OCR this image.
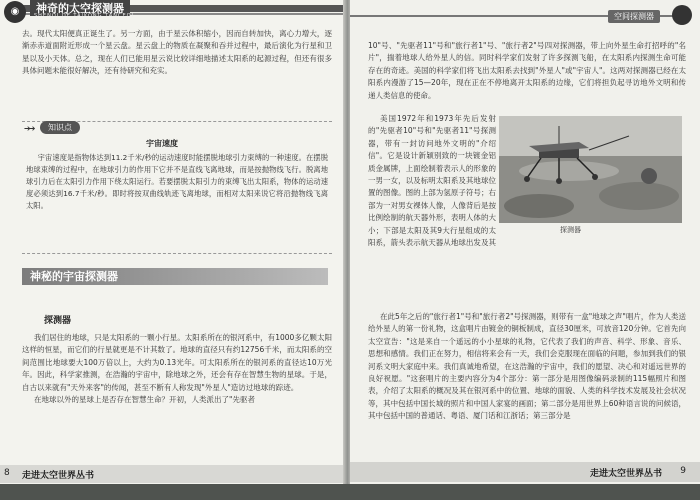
◉	神奇的太空探测器
SHENQI DE TAIKONG TANCEQI

去。现代太阳便真正诞生了。另一方面，由于星云体积缩小，因而自转加快，离心力增大，逐渐赤赤道面附近形成一个星云盘。星云盘上的物质在凝聚和吞并过程中，最后演化为行星和卫星以及小天体。总之，现在人们已能用星云说比较详细地描述太阳系的起源过程，但还有很多具体问题未能很好解决，还有待研究和充实。

➔➔	知识点
宇宙速度

宇宙速度是指物体达到11.2千米/秒的运动速度时能摆脱地球引力束缚的一种速度。在摆脱地球束缚的过程中，在地球引力的作用下它并不是直线飞离地球，而是按抛物线飞行。脱离地球引力后在太阳引力作用下绕太阳运行。若要摆脱太阳引力的束缚飞出太阳系，物体的运动速度必须达到16.7千米/秒。即时将按双曲线轨迹飞离地球，而相对太阳来说它将沿抛物线飞离太阳。

神秘的宇宙探测器
探测器

我们居住的地球，只是太阳系的一颗小行星。太阳系所在的银河系中，有1000多亿颗太阳这样的恒星，而它们的行星就更是不计其数了。地球的直径只有约12756千米，而太阳系的空间范围比地球要大100万倍以上，大约为0.13光年。可太阳系所在的银河系的直径达10万光年。因此，科学家推测，在浩瀚的宇宙中，除地球之外，还会有存在智慧生物的星球。于是，自古以来就有"天外来客"的传闻，甚至不断有人称发现"外星人"造访过地球的踪迹。

在地球以外的星球上是否存在智慧生命？开初，人类派出了"先驱者

8 走进太空世界丛书
空间探测器

10"号、"先驱者11"号和"旅行者1"号、"旅行者2"号四对探测器，带上向外星生命打招呼的"名片"，揣着地球人给外星人的信。同时科学家们发射了许多探测飞船，在太阳系内探测生命可能存在的奇迹。美国的科学家们将飞出太阳系去找到"外星人"或"宇宙人"。这两对探测器已经在太阳系内漫游了15—20年，现在正在不停地离开太阳系的边缘，它们将担负起寻访地外文明和传递人类信息的使命。

美国1972年和1973年先后发射的"先驱者10"号和"先驱者11"号探测器，带有一封访问地外文明的"介绍信"。它是设计新颖别致的一块镀金铝质金属牌，上面绘制着表示人的形象的一男一女，以及标明太阳系及其地球位置的图像。图的上部为氢原子符号；右部为一对男女裸体人像，人像背后是按比例绘制的航天器外形，表明人体的大小；下部是太阳及其9大行星组成的太阳系，箭头表示航天器从地球出发及其

在此5年之后的"旅行者1"号和"旅行者2"号探测器，则带有一盒"地球之声"唱片，作为人类送给外星人的第一份礼物，这盒唱片由镀金的铜板制成，直径30厘米，可放音120分钟。它首先向太空宣告："这是来自一个遥远的小小星球的礼物，它代表了我们的声音、科学、形象、音乐、思想和感情。我们正在努力，相信将来会有一天，我们会克服现在面临的问题，参加到我们的银河系文明大家庭中来。我们真诚地希望，在这浩瀚的宇宙中，我们的愿望、决心和对遥远世界的良好祝愿。"这套唱片的主要内容分为4个部分：第一部分是用图像编码录制的115幅照片和图表，介绍了太阳系的概况及其在银河系中的位置、地球的面貌、人类的科学技术发展及社会状况等，其中包括中国长城的照片和中国人家宴的画面；第二部分是用世界上60种语言说的问候语，其中包括中国的普通话、粤语、厦门话和江浙话；第三部分是

走进太空世界丛书 9
探测器
